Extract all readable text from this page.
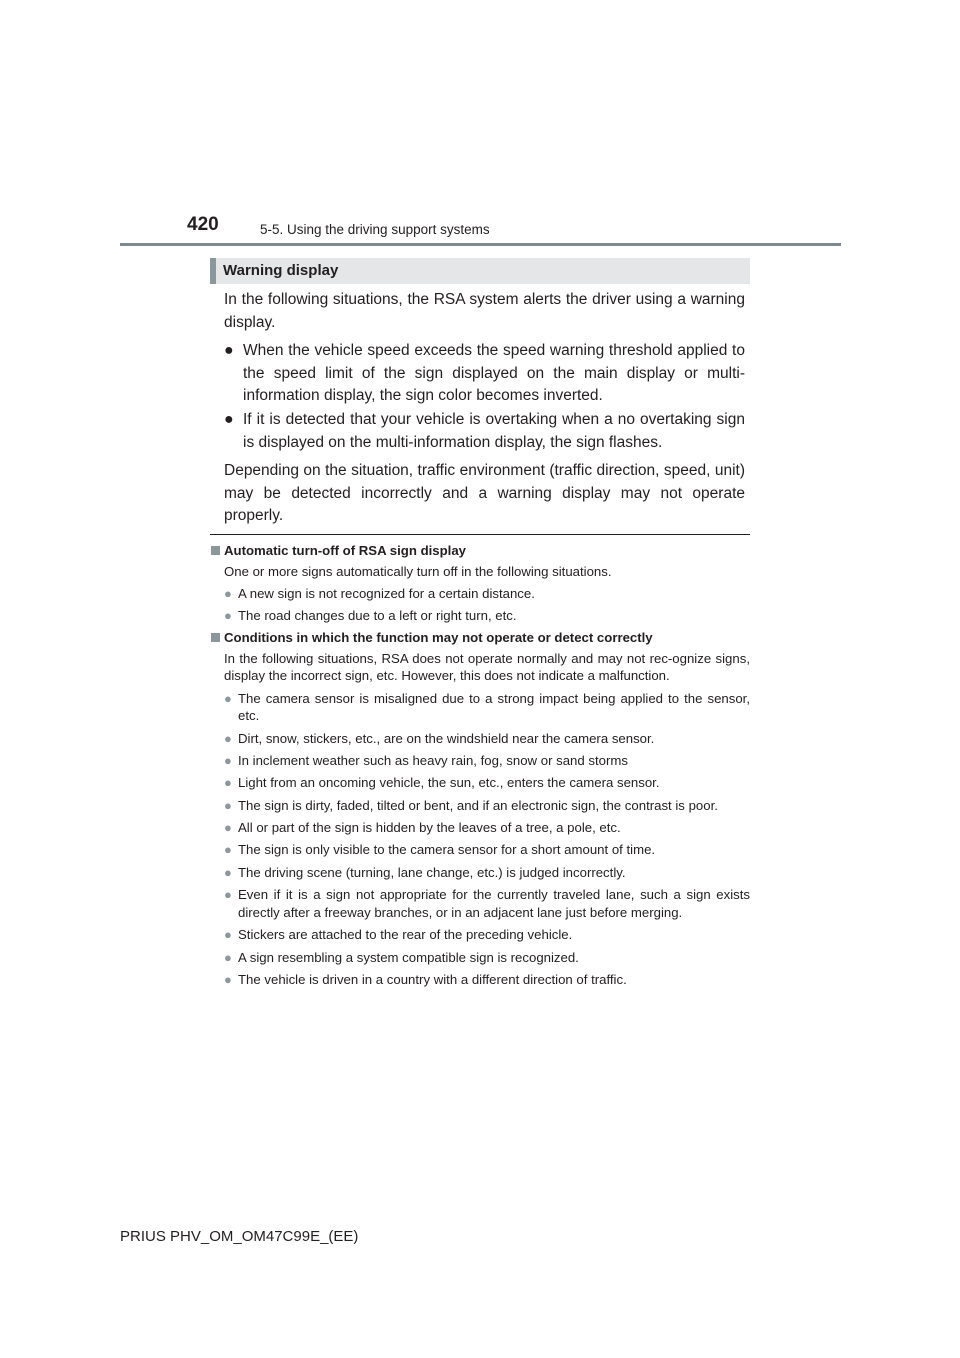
420	5-5. Using the driving support systems
Warning display

In the following situations, the RSA system alerts the driver using a warning display.

● When the vehicle speed exceeds the speed warning threshold applied to the speed limit of the sign displayed on the main display or multi-information display, the sign color becomes inverted.
● If it is detected that your vehicle is overtaking when a no overtaking sign is displayed on the multi-information display, the sign flashes.

Depending on the situation, traffic environment (traffic direction, speed, unit) may be detected incorrectly and a warning display may not operate properly.

Automatic turn-off of RSA sign display
One or more signs automatically turn off in the following situations.
● A new sign is not recognized for a certain distance.
● The road changes due to a left or right turn, etc.
Conditions in which the function may not operate or detect correctly
In the following situations, RSA does not operate normally and may not rec-ognize signs, display the incorrect sign, etc. However, this does not indicate a malfunction.
● The camera sensor is misaligned due to a strong impact being applied to the sensor, etc.
● Dirt, snow, stickers, etc., are on the windshield near the camera sensor.
● In inclement weather such as heavy rain, fog, snow or sand storms
● Light from an oncoming vehicle, the sun, etc., enters the camera sensor.
● The sign is dirty, faded, tilted or bent, and if an electronic sign, the contrast is poor.
● All or part of the sign is hidden by the leaves of a tree, a pole, etc.
● The sign is only visible to the camera sensor for a short amount of time.
● The driving scene (turning, lane change, etc.) is judged incorrectly.
● Even if it is a sign not appropriate for the currently traveled lane, such a sign exists directly after a freeway branches, or in an adjacent lane just before merging.
● Stickers are attached to the rear of the preceding vehicle.
● A sign resembling a system compatible sign is recognized.
● The vehicle is driven in a country with a different direction of traffic.
PRIUS PHV_OM_OM47C99E_(EE)
